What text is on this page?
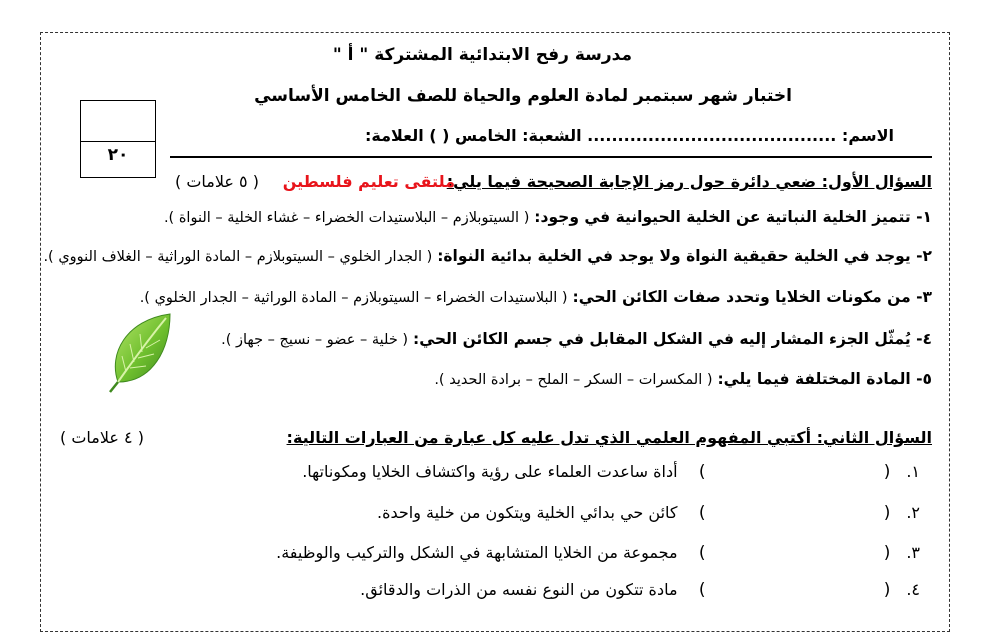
مدرسة رفح الابتدائية المشتركة " أ "
اختبار شهر سبتمبر لمادة العلوم والحياة للصف الخامس الأساسي
الاسم: ......................................... الشعبة: الخامس ( ) العلامة:
٢٠
السؤال الأول: ضعي دائرة حول رمز الإجابة الصحيحة فيما يلي:
ملتقى تعليم فلسطين
( ٥ علامات )
١- تتميز الخلية النباتية عن الخلية الحيوانية في وجود: ( السيتوبلازم – البلاستيدات الخضراء – غشاء الخلية – النواة ).
٢- يوجد في الخلية حقيقية النواة ولا يوجد في الخلية بدائية النواة: ( الجدار الخلوي – السيتوبلازم – المادة الوراثية – الغلاف النووي ).
٣- من مكونات الخلايا وتحدد صفات الكائن الحي: ( البلاستيدات الخضراء – السيتوبلازم – المادة الوراثية – الجدار الخلوي ).
٤- يُمثّل الجزء المشار إليه في الشكل المقابل في جسم الكائن الحي: ( خلية – عضو – نسيج – جهاز ).
٥- المادة المختلفة فيما يلي: ( المكسرات – السكر – الملح – برادة الحديد ).
السؤال الثاني: أكتبي المفهوم العلمي الذي تدل عليه كل عبارة من العبارات التالية:
( ٤ علامات )
١.   (                                 )    أداة ساعدت العلماء على رؤية واكتشاف الخلايا ومكوناتها.
٢.   (                                 )    كائن حي بدائي الخلية ويتكون من خلية واحدة.
٣.   (                                 )    مجموعة من الخلايا المتشابهة في الشكل والتركيب والوظيفة.
٤.   (                                 )    مادة تتكون من النوع نفسه من الذرات والدقائق.
